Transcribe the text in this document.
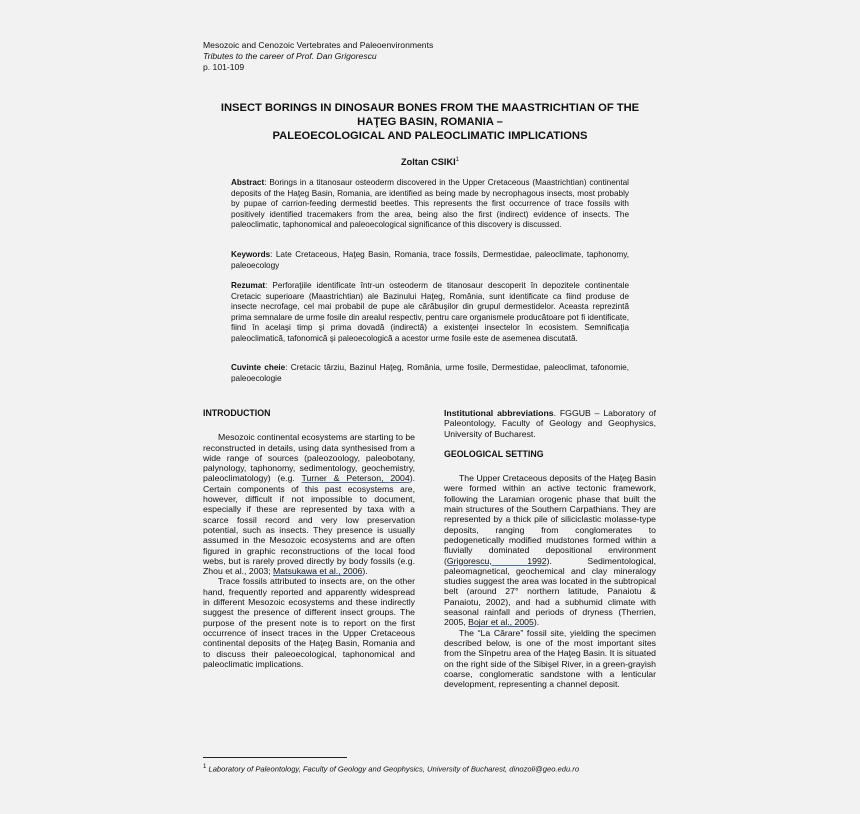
Mesozoic and Cenozoic Vertebrates and Paleoenvironments
Tributes to the career of Prof. Dan Grigorescu
p. 101-109
INSECT BORINGS IN DINOSAUR BONES FROM THE MAASTRICHTIAN OF THE
HAŢEG BASIN, ROMANIA –
PALEOECOLOGICAL AND PALEOCLIMATIC IMPLICATIONS
Zoltan CSIKI$^1$
Abstract: Borings in a titanosaur osteoderm discovered in the Upper Cretaceous (Maastrichtian) continental deposits of the Haţeg Basin, Romania, are identified as being made by necrophagous insects, most probably by pupae of carrion-feeding dermestid beetles. This represents the first occurrence of trace fossils with positively identified tracemakers from the area, being also the first (indirect) evidence of insects. The paleoclimatic, taphonomical and paleoecological significance of this discovery is discussed.
Keywords: Late Cretaceous, Haţeg Basin, Romania, trace fossils, Dermestidae, paleoclimate, taphonomy, paleoecology
Rezumat: Perforaţiile identificate într-un osteoderm de titanosaur descoperit în depozitele continentale Cretacic superioare (Maastrichtian) ale Bazinului Haţeg, România, sunt identificate ca fiind produse de insecte necrofage, cel mai probabil de pupe ale cărăbuşilor din grupul dermestidelor. Aceasta reprezintă prima semnalare de urme fosile din arealul respectiv, pentru care organismele producătoare pot fi identificate, fiind în acelaşi timp şi prima dovadă (indirectă) a existenţei insectelor în ecosistem. Semnificaţia paleoclimatică, tafonomică şi paleoecologică a acestor urme fosile este de asemenea discutată.
Cuvinte cheie: Cretacic târziu, Bazinul Haţeg, România, urme fosile, Dermestidae, paleoclimat, tafonomie, paleoecologie
INTRODUCTION

Mesozoic continental ecosystems are starting to be reconstructed in details, using data synthesised from a wide range of sources (paleozoology, paleobotany, palynology, taphonomy, sedimentology, geochemistry, paleoclimatology) (e.g. Turner & Peterson, 2004). Certain components of this past ecosystems are, however, difficult if not impossible to document, especially if these are represented by taxa with a scarce fossil record and very low preservation potential, such as insects. They presence is usually assumed in the Mesozoic ecosystems and are often figured in graphic reconstructions of the local food webs, but is rarely proved directly by body fossils (e.g. Zhou et al., 2003; Matsukawa et al., 2006).

Trace fossils attributed to insects are, on the other hand, frequently reported and apparently widespread in different Mesozoic ecosystems and these indirectly suggest the presence of different insect groups. The purpose of the present note is to report on the first occurrence of insect traces in the Upper Cretaceous continental deposits of the Haţeg Basin, Romania and to discuss their paleoecological, taphonomical and paleoclimatic implications.

Institutional abbreviations. FGGUB – Laboratory of Paleontology, Faculty of Geology and Geophysics, University of Bucharest.

GEOLOGICAL SETTING

The Upper Cretaceous deposits of the Haţeg Basin were formed within an active tectonic framework, following the Laramian orogenic phase that built the main structures of the Southern Carpathians. They are represented by a thick pile of siliciclastic molasse-type deposits, ranging from conglomerates to pedogenetically modified mudstones formed within a fluvially dominated depositional environment (Grigorescu, 1992). Sedimentological, paleomagnetical, geochemical and clay mineralogy studies suggest the area was located in the subtropical belt (around 27° northern latitude, Panaiotu & Panaiotu, 2002), and had a subhumid climate with seasonal rainfall and periods of dryness (Therrien, 2005, Bojar et al., 2005).

The “La Cărare” fossil site, yielding the specimen described below, is one of the most important sites from the Sînpetru area of the Haţeg Basin. It is situated on the right side of the Sibişel River, in a green-grayish coarse, conglomeratic sandstone with a lenticular development, representing a channel deposit.

$^1$ Laboratory of Paleontology, Faculty of Geology and Geophysics, University of Bucharest, dinozoli@geo.edu.ro
